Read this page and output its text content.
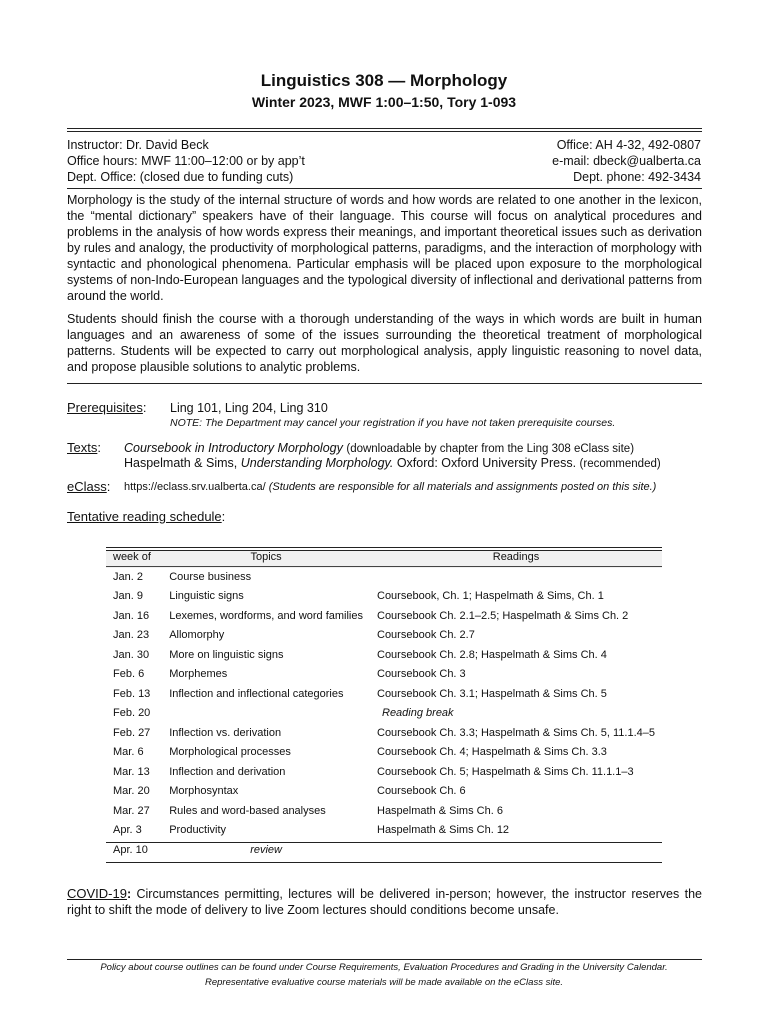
Linguistics 308 — Morphology
Winter 2023, MWF 1:00–1:50, Tory 1-093
Instructor: Dr. David Beck
Office hours: MWF 11:00–12:00 or by app’t
Dept. Office: (closed due to funding cuts)
Office: AH 4-32, 492-0807
e-mail: dbeck@ualberta.ca
Dept. phone: 492-3434
Morphology is the study of the internal structure of words and how words are related to one another in the lexicon, the “mental dictionary” speakers have of their language. This course will focus on analytical procedures and problems in the analysis of how words express their meanings, and important theoretical issues such as derivation by rules and analogy, the productivity of morphological patterns, paradigms, and the interaction of morphology with syntactic and phonological phenomena. Particular emphasis will be placed upon exposure to the morphological systems of non-Indo-European languages and the typological diversity of inflectional and derivational patterns from around the world.
Students should finish the course with a thorough understanding of the ways in which words are built in human languages and an awareness of some of the issues surrounding the theoretical treatment of morphological patterns. Students will be expected to carry out morphological analysis, apply linguistic reasoning to novel data, and propose plausible solutions to analytic problems.
Prerequisites: Ling 101, Ling 204, Ling 310
NOTE: The Department may cancel your registration if you have not taken prerequisite courses.
Texts: Coursebook in Introductory Morphology (downloadable by chapter from the Ling 308 eClass site)
Haspelmath & Sims, Understanding Morphology. Oxford: Oxford University Press. (recommended)
eClass: https://eclass.srv.ualberta.ca/ (Students are responsible for all materials and assignments posted on this site.)
Tentative reading schedule:
week of	Topics	Readings
Jan. 2	Course business	
Jan. 9	Linguistic signs	Coursebook, Ch. 1; Haspelmath & Sims, Ch. 1
Jan. 16	Lexemes, wordforms, and word families	Coursebook Ch. 2.1–2.5; Haspelmath & Sims Ch. 2
Jan. 23	Allomorphy	Coursebook Ch. 2.7
Jan. 30	More on linguistic signs	Coursebook Ch. 2.8; Haspelmath & Sims Ch. 4
Feb. 6	Morphemes	Coursebook Ch. 3
Feb. 13	Inflection and inflectional categories	Coursebook Ch. 3.1; Haspelmath & Sims Ch. 5
Feb. 20		Reading break
Feb. 27	Inflection vs. derivation	Coursebook Ch. 3.3; Haspelmath & Sims Ch. 5, 11.1.4–5
Mar. 6	Morphological processes	Coursebook Ch. 4; Haspelmath & Sims Ch. 3.3
Mar. 13	Inflection and derivation	Coursebook Ch. 5; Haspelmath & Sims Ch. 11.1.1–3
Mar. 20	Morphosyntax	Coursebook Ch. 6
Mar. 27	Rules and word-based analyses	Haspelmath & Sims Ch. 6
Apr. 3	Productivity	Haspelmath & Sims Ch. 12
Apr. 10	review	
COVID-19: Circumstances permitting, lectures will be delivered in-person; however, the instructor reserves the right to shift the mode of delivery to live Zoom lectures should conditions become unsafe.
Policy about course outlines can be found under Course Requirements, Evaluation Procedures and Grading in the University Calendar.
Representative evaluative course materials will be made available on the eClass site.
